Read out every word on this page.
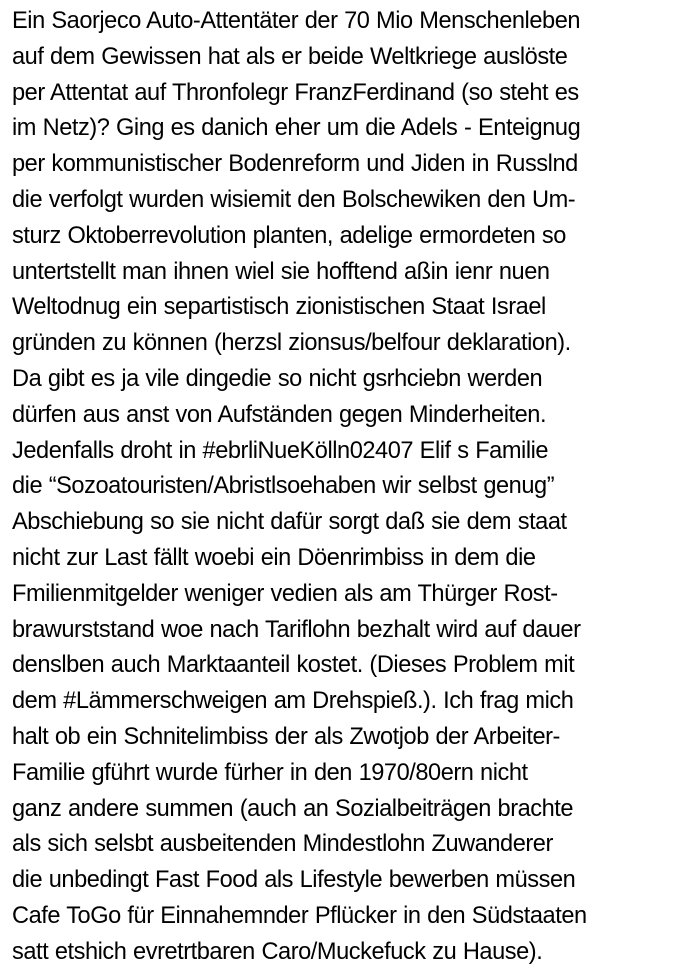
Ein Saorjeco Auto-Attentäter der 70 Mio Menschenleben
auf dem Gewissen hat als er beide Weltkriege auslöste
per Attentat auf Thronfolegr FranzFerdinand (so steht es
im Netz)? Ging es danich eher um die Adels - Enteignug
per kommunistischer Bodenreform und Jiden in Russlnd
die verfolgt wurden wisiemit den Bolschewiken den Um-
sturz Oktoberrevolution planten, adelige ermordeten so
untertstellt man ihnen wiel sie hofftend aßin ienr nuen
Weltodnug ein separtistisch zionistischen Staat Israel
gründen zu können (herzsl zionsus/belfour deklaration).
Da gibt es ja vile dingedie so nicht gsrhciebn werden
dürfen aus anst von Aufständen gegen Minderheiten.
Jedenfalls droht in #ebrliNueKölln02407 Elif s Familie
die “Sozoatouristen/Abristlsoehaben wir selbst genug”
Abschiebung so sie nicht dafür sorgt daß sie dem staat
nicht zur Last fällt woebi ein Döenrimbiss in dem die
Fmilienmitgelder weniger vedien als am Thürger Rost-
brawurststand woe nach Tariflohn bezhalt wird auf dauer
denslben auch Marktaanteil kostet. (Dieses Problem mit
dem #Lämmerschweigen am Drehspieß.). Ich frag mich
halt ob ein Schnitelimbiss der als Zwotjob der Arbeiter-
Familie gführt wurde fürher in den 1970/80ern nicht
ganz andere summen (auch an Sozialbeiträgen brachte
als sich selsbt ausbeitenden Mindestlohn Zuwanderer
die unbedingt Fast Food als Lifestyle bewerben müssen
Cafe ToGo für Einnahemnder Pflücker in den Südstaaten
satt etshich evretrtbaren Caro/Muckefuck zu Hause).
